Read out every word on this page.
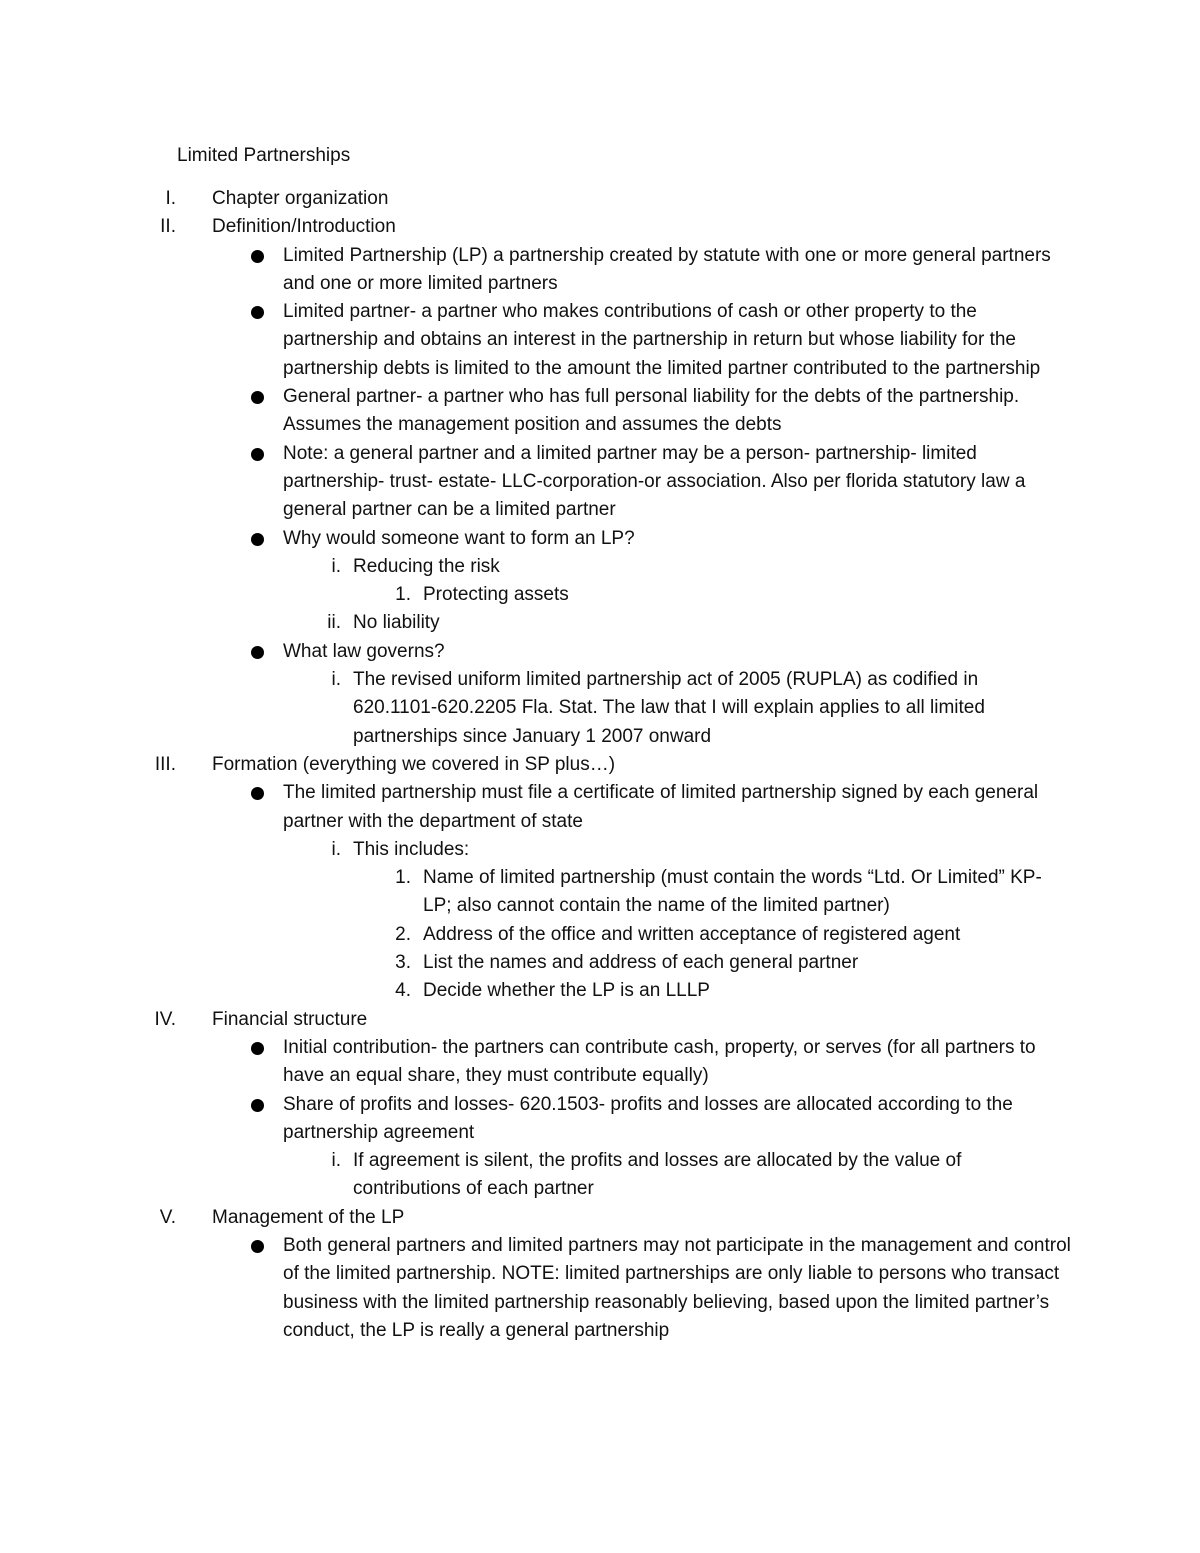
Limited Partnerships
I. Chapter organization
II. Definition/Introduction
Limited Partnership (LP) a partnership created by statute with one or more general partners and one or more limited partners
Limited partner- a partner who makes contributions of cash or other property to the partnership and obtains an interest in the partnership in return but whose liability for the partnership debts is limited to the amount the limited partner contributed to the partnership
General partner- a partner who has full personal liability for the debts of the partnership. Assumes the management position and assumes the debts
Note: a general partner and a limited partner may be a person- partnership- limited partnership- trust- estate- LLC-corporation-or association. Also per florida statutory law a general partner can be a limited partner
Why would someone want to form an LP?
i. Reducing the risk
1. Protecting assets
ii. No liability
What law governs?
i. The revised uniform limited partnership act of 2005 (RUPLA) as codified in 620.1101-620.2205 Fla. Stat. The law that I will explain applies to all limited partnerships since January 1 2007 onward
III. Formation (everything we covered in SP plus…)
The limited partnership must file a certificate of limited partnership signed by each general partner with the department of state
i. This includes:
1. Name of limited partnership (must contain the words “Ltd. Or Limited” KP- LP; also cannot contain the name of the limited partner)
2. Address of the office and written acceptance of registered agent
3. List the names and address of each general partner
4. Decide whether the LP is an LLLP
IV. Financial structure
Initial contribution- the partners can contribute cash, property, or serves (for all partners to have an equal share, they must contribute equally)
Share of profits and losses- 620.1503- profits and losses are allocated according to the partnership agreement
i. If agreement is silent, the profits and losses are allocated by the value of contributions of each partner
V. Management of the LP
Both general partners and limited partners may not participate in the management and control of the limited partnership. NOTE: limited partnerships are only liable to persons who transact business with the limited partnership reasonably believing, based upon the limited partner’s conduct, the LP is really a general partnership
